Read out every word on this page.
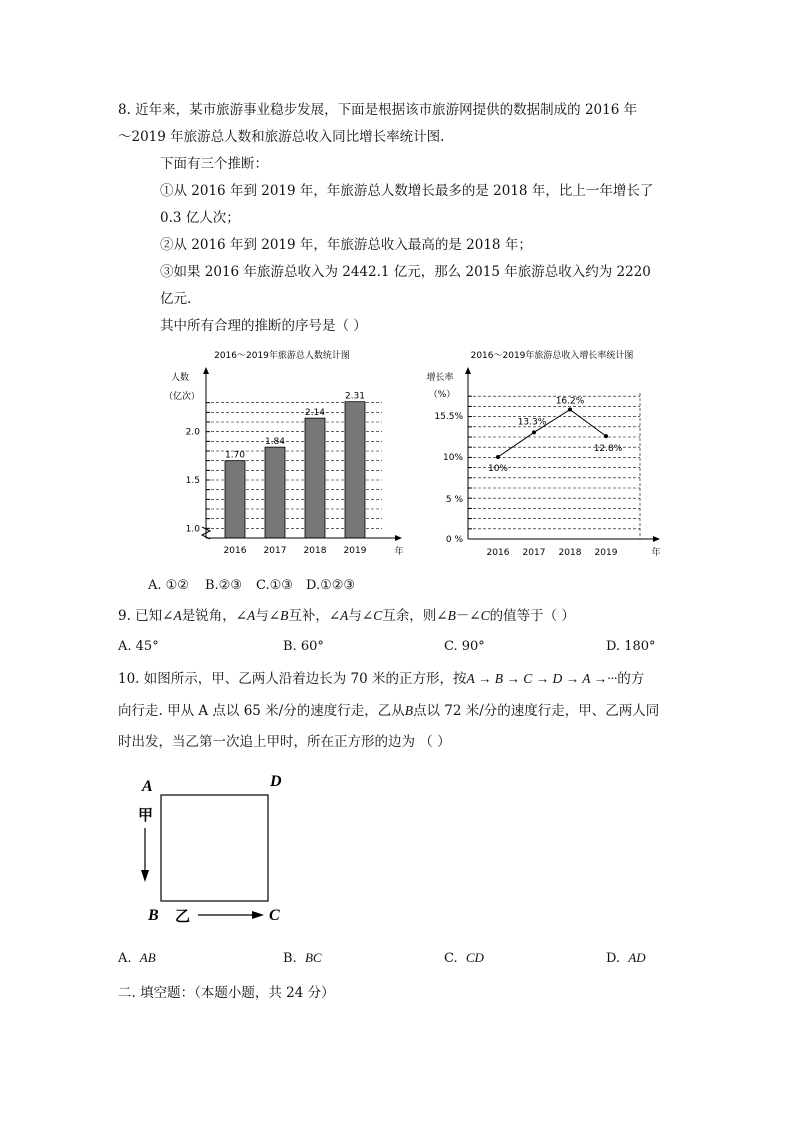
8. 近年来，某市旅游事业稳步发展，下面是根据该市旅游网提供的数据制成的 2016 年
～2019 年旅游总人数和旅游总收入同比增长率统计图.
下面有三个推断：
①从 2016 年到 2019 年，年旅游总人数增长最多的是 2018 年，比上一年增长了
0.3 亿人次；
②从 2016 年到 2019 年，年旅游总收入最高的是 2018 年；
③如果 2016 年旅游总收入为 2442.1 亿元，那么 2015 年旅游总收入约为 2220
亿元.
其中所有合理的推断的序号是（ ）
2016～2019年旅游总人数统计图
人数
（亿次）
年
1.0
1.5
2.0
1.70
2016
1.84
2017
2.14
2018
2.31
2019
2016～2019年旅游总收入增长率统计图
增长率
（%）
年
0 %
5 %
10%
15.5%
10%
2016
13.3%
2017
16.2%
2018
12.8%
2019
A. ①② B.②③ C.①③ D.①②③
9. 已知∠A是锐角，∠A与∠B互补，∠A与∠C互余，则∠B－∠C的值等于（ ）
A. 45°	B. 60°	C. 90°	D. 180°
10. 如图所示，甲、乙两人沿着边长为 70 米的正方形，按A → B → C → D → A →···的方
向行走. 甲从 A 点以 65 米/分的速度行走，乙从B点以 72 米/分的速度行走，甲、乙两人同
时出发，当乙第一次追上甲时，所在正方形的边为 （ ）
A	D
B	C
甲
乙
A. AB	B. BC	C. CD	D. AD
二. 填空题：（本题小题，共 24 分）
